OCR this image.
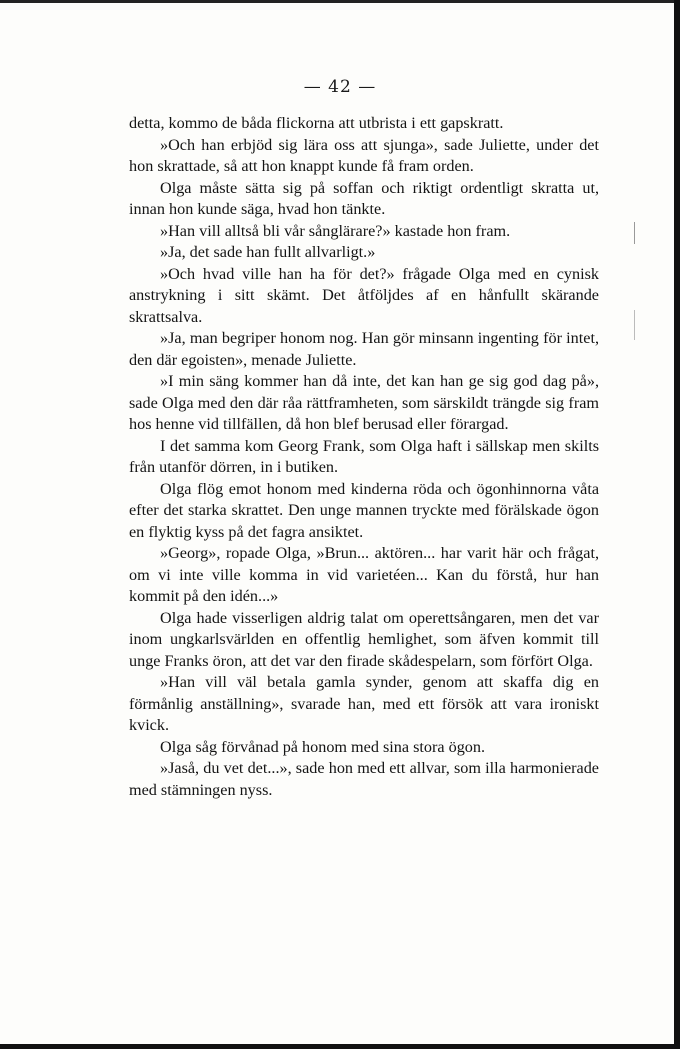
— 42 —

detta, kommo de båda flickorna att utbrista i ett gapskratt.

»Och han erbjöd sig lära oss att sjunga», sade Juliette, under det hon skrattade, så att hon knappt kunde få fram orden.

Olga måste sätta sig på soffan och riktigt ordentligt skratta ut, innan hon kunde säga, hvad hon tänkte.

»Han vill alltså bli vår sånglärare?» kastade hon fram.

»Ja, det sade han fullt allvarligt.»

»Och hvad ville han ha för det?» frågade Olga med en cynisk anstrykning i sitt skämt. Det åtföljdes af en hånfullt skärande skrattsalva.

»Ja, man begriper honom nog. Han gör minsann ingenting för intet, den där egoisten», menade Juliette.

»I min säng kommer han då inte, det kan han ge sig god dag på», sade Olga med den där råa rättframheten, som särskildt trängde sig fram hos henne vid tillfällen, då hon blef berusad eller förargad.

I det samma kom Georg Frank, som Olga haft i sällskap men skilts från utanför dörren, in i butiken.

Olga flög emot honom med kinderna röda och ögonhinnorna våta efter det starka skrattet. Den unge mannen tryckte med förälskade ögon en flyktig kyss på det fagra ansiktet.

»Georg», ropade Olga, »Brun... aktören... har varit här och frågat, om vi inte ville komma in vid varietéen... Kan du förstå, hur han kommit på den idén...»

Olga hade visserligen aldrig talat om operettsångaren, men det var inom ungkarlsvärlden en offentlig hemlighet, som äfven kommit till unge Franks öron, att det var den firade skådespelarn, som förfört Olga.

»Han vill väl betala gamla synder, genom att skaffa dig en förmånlig anställning», svarade han, med ett försök att vara ironiskt kvick.

Olga såg förvånad på honom med sina stora ögon.

»Jaså, du vet det...», sade hon med ett allvar, som illa harmonierade med stämningen nyss.
